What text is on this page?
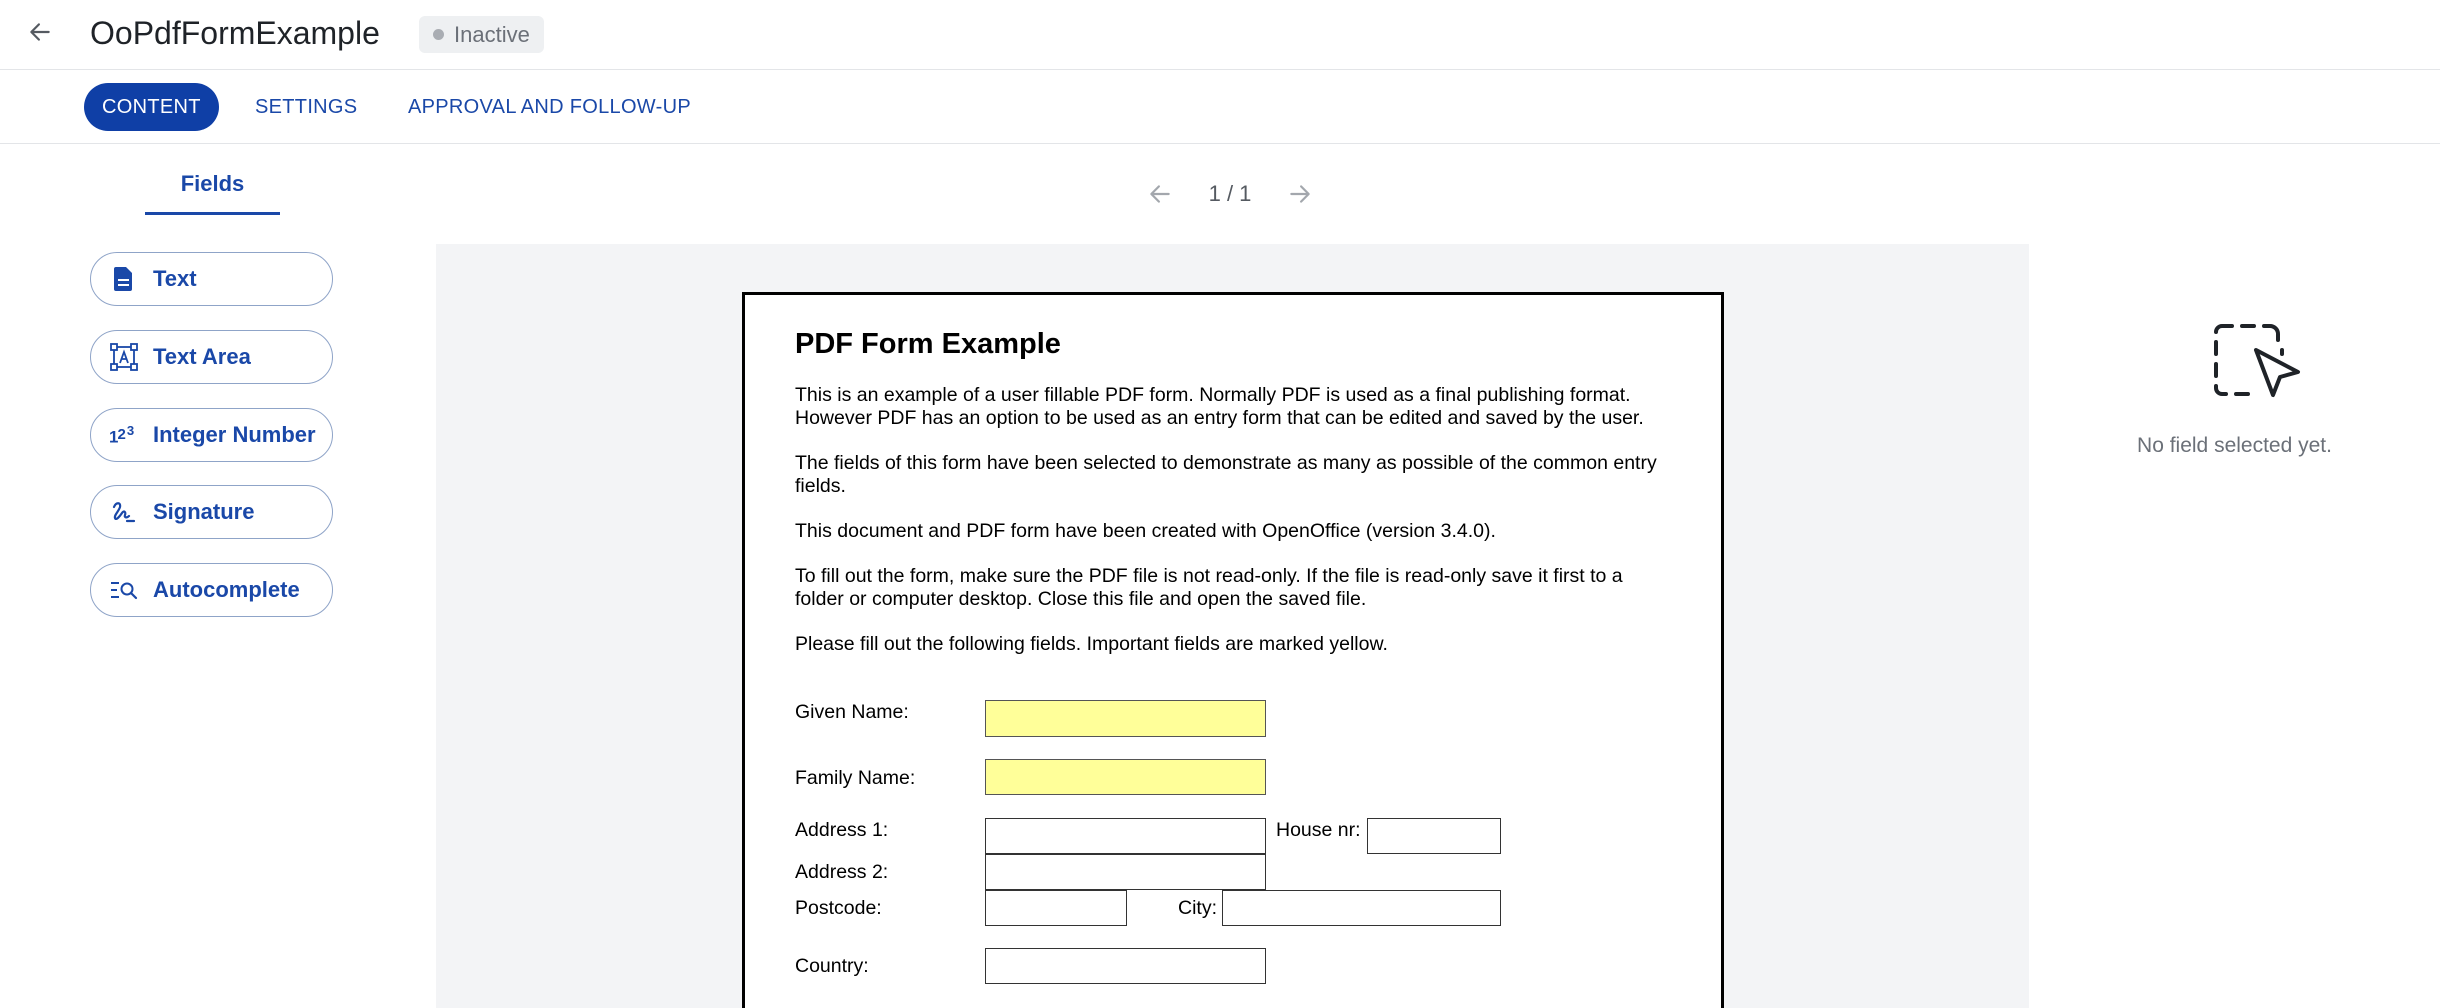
OoPdfFormExample	Inactive
CONTENT	SETTINGS	APPROVAL AND FOLLOW-UP
Fields
Text
Text Area
1 2 3 Integer Number
Signature
Autocomplete
1 / 1
PDF Form Example
This is an example of a user fillable PDF form. Normally PDF is used as a final publishing format. However PDF has an option to be used as an entry form that can be edited and saved by the user.
The fields of this form have been selected to demonstrate as many as possible of the common entry fields.
This document and PDF form have been created with OpenOffice (version 3.4.0).
To fill out the form, make sure the PDF file is not read-only. If the file is read-only save it first to a folder or computer desktop. Close this file and open the saved file.
Please fill out the following fields. Important fields are marked yellow.
Given Name:
Family Name:
Address 1:	House nr:
Address 2:
Postcode:	City:
Country:
No field selected yet.
